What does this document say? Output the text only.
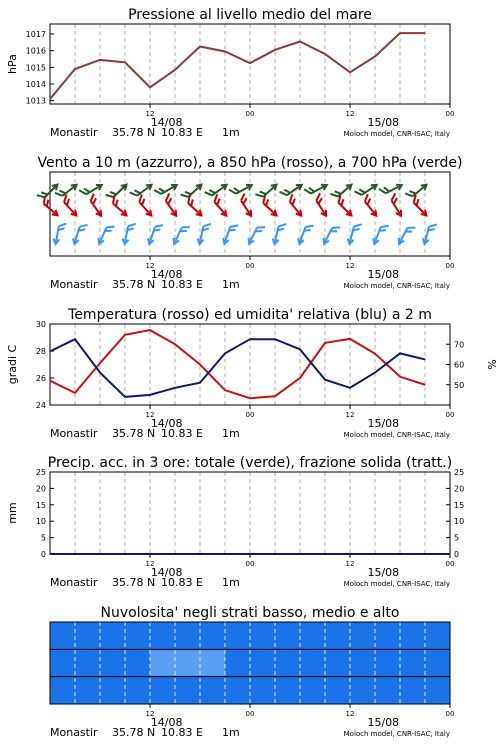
Pressione al livello medio del mare
12	00	12	00
14/08	15/08
Monastir 35.78 N 10.83 E 1m	Moloch model, CNR-ISAC, Italy
Vento a 10 m (azzurro), a 850 hPa (rosso), a 700 hPa (verde)
12	00	12	00
14/08	15/08
Monastir 35.78 N 10.83 E 1m	Moloch model, CNR-ISAC, Italy
Temperatura (rosso) ed umidita' relativa (blu) a 2 m
12	00	12	00
14/08	15/08
Monastir 35.78 N 10.83 E 1m	Moloch model, CNR-ISAC, Italy
Precip. acc. in 3 ore: totale (verde), frazione solida (tratt.)
12	00	12	00
14/08	15/08
Monastir 35.78 N 10.83 E 1m	Moloch model, CNR-ISAC, Italy
Nuvolosita' negli strati basso, medio e alto
12	00	12	00
14/08	15/08
Monastir 35.78 N 10.83 E 1m	Moloch model, CNR-ISAC, Italy
1013
1014
1015
1016
1017
hPa
24
26
28
30
50
60
70
gradi C	%
0	0
5	5
10	10
15	15
20	20
25	25
mm
